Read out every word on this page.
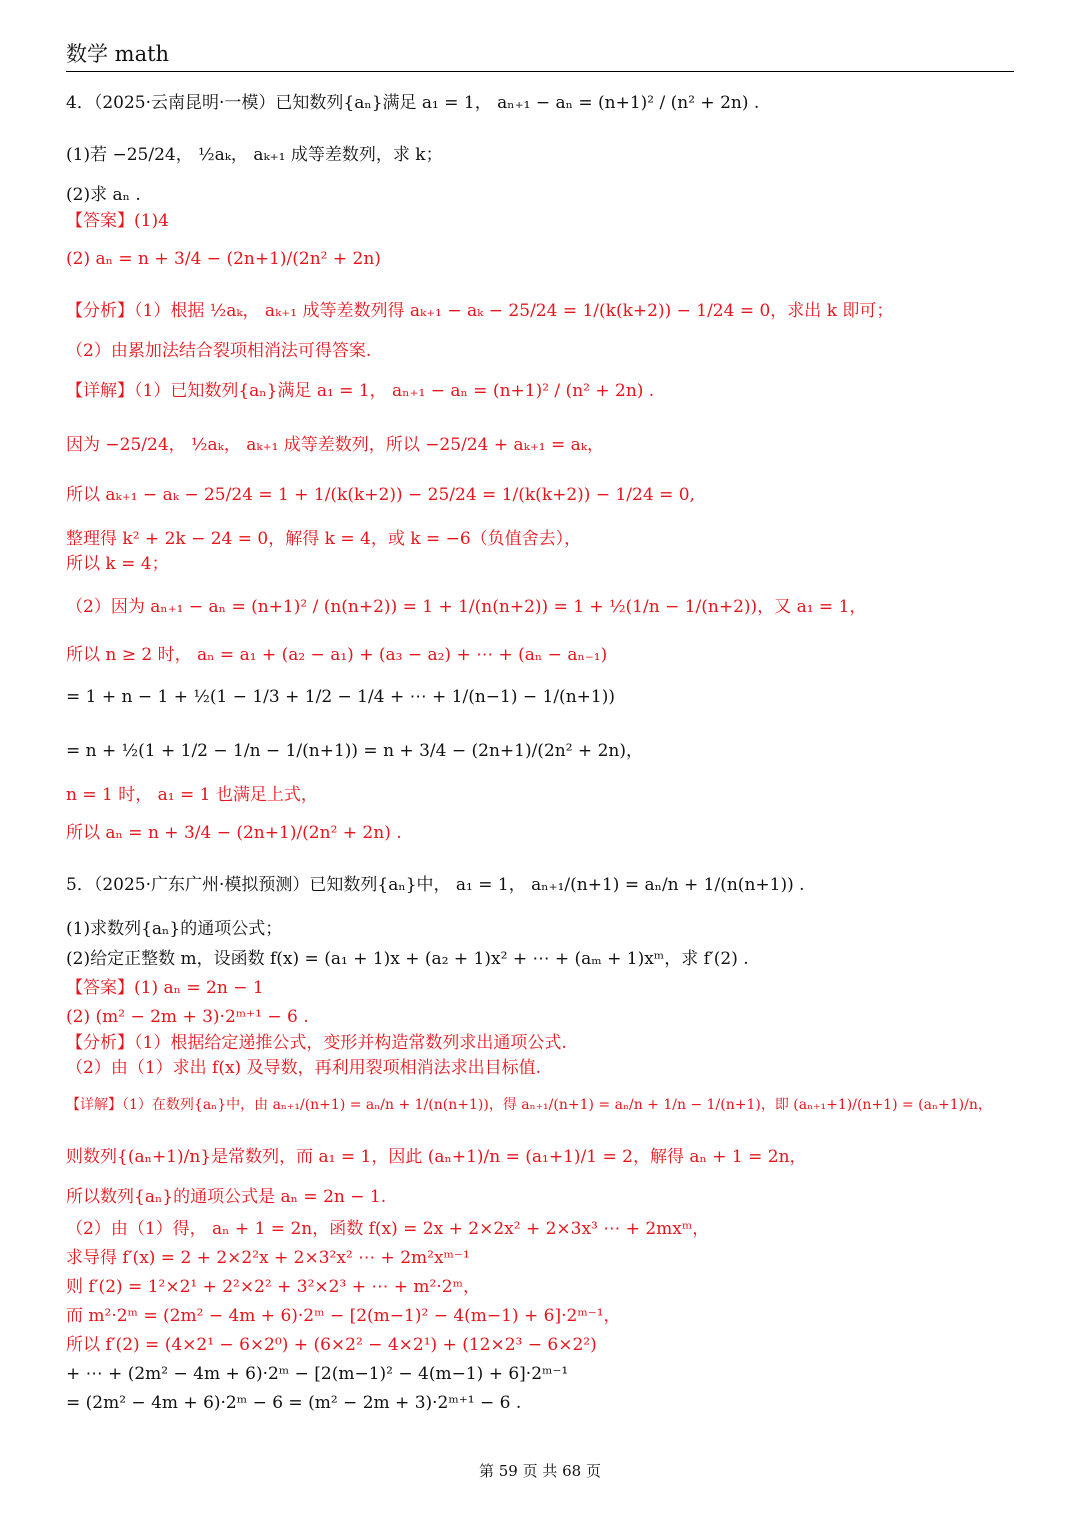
数学 math
4．（2025·云南昆明·一模）已知数列{aₙ}满足 a₁ = 1， aₙ₊₁ − aₙ = (n+1)² / (n² + 2n) .
(1)若 −25/24， ½aₖ， aₖ₊₁ 成等差数列，求 k；
(2)求 aₙ .
【答案】(1)4
(2) aₙ = n + 3/4 − (2n+1)/(2n² + 2n)
【分析】（1）根据 ½aₖ， aₖ₊₁ 成等差数列得 aₖ₊₁ − aₖ − 25/24 = 1/(k(k+2)) − 1/24 = 0，求出 k 即可；
（2）由累加法结合裂项相消法可得答案.
【详解】（1）已知数列{aₙ}满足 a₁ = 1， aₙ₊₁ − aₙ = (n+1)² / (n² + 2n) .
因为 −25/24， ½aₖ， aₖ₊₁ 成等差数列，所以 −25/24 + aₖ₊₁ = aₖ，
所以 aₖ₊₁ − aₖ − 25/24 = 1 + 1/(k(k+2)) − 25/24 = 1/(k(k+2)) − 1/24 = 0,
整理得 k² + 2k − 24 = 0，解得 k = 4，或 k = −6（负值舍去），
所以 k = 4；
（2）因为 aₙ₊₁ − aₙ = (n+1)² / (n(n+2)) = 1 + 1/(n(n+2)) = 1 + ½(1/n − 1/(n+2))，又 a₁ = 1，
所以 n ≥ 2 时， aₙ = a₁ + (a₂ − a₁) + (a₃ − a₂) + ⋯ + (aₙ − aₙ₋₁)
= 1 + n − 1 + ½(1 − 1/3 + 1/2 − 1/4 + ⋯ + 1/(n−1) − 1/(n+1))
= n + ½(1 + 1/2 − 1/n − 1/(n+1)) = n + 3/4 − (2n+1)/(2n² + 2n)，
n = 1 时， a₁ = 1 也满足上式，
所以 aₙ = n + 3/4 − (2n+1)/(2n² + 2n) .
5．（2025·广东广州·模拟预测）已知数列{aₙ}中， a₁ = 1， aₙ₊₁/(n+1) = aₙ/n + 1/(n(n+1)) .
(1)求数列{aₙ}的通项公式；
(2)给定正整数 m，设函数 f(x) = (a₁ + 1)x + (a₂ + 1)x² + ⋯ + (aₘ + 1)xᵐ，求 f′(2) .
【答案】(1) aₙ = 2n − 1
(2) (m² − 2m + 3)·2ᵐ⁺¹ − 6 .
【分析】（1）根据给定递推公式，变形并构造常数列求出通项公式.
（2）由（1）求出 f(x) 及导数，再利用裂项相消法求出目标值.
【详解】（1）在数列{aₙ}中，由 aₙ₊₁/(n+1) = aₙ/n + 1/(n(n+1))，得 aₙ₊₁/(n+1) = aₙ/n + 1/n − 1/(n+1)，即 (aₙ₊₁+1)/(n+1) = (aₙ+1)/n，
则数列{(aₙ+1)/n}是常数列，而 a₁ = 1，因此 (aₙ+1)/n = (a₁+1)/1 = 2，解得 aₙ + 1 = 2n，
所以数列{aₙ}的通项公式是 aₙ = 2n − 1.
（2）由（1）得， aₙ + 1 = 2n，函数 f(x) = 2x + 2×2x² + 2×3x³ ⋯ + 2mxᵐ，
求导得 f′(x) = 2 + 2×2²x + 2×3²x² ⋯ + 2m²xᵐ⁻¹
则 f′(2) = 1²×2¹ + 2²×2² + 3²×2³ + ⋯ + m²·2ᵐ，
而 m²·2ᵐ = (2m² − 4m + 6)·2ᵐ − [2(m−1)² − 4(m−1) + 6]·2ᵐ⁻¹，
所以 f′(2) = (4×2¹ − 6×2⁰) + (6×2² − 4×2¹) + (12×2³ − 6×2²)
+ ⋯ + (2m² − 4m + 6)·2ᵐ − [2(m−1)² − 4(m−1) + 6]·2ᵐ⁻¹
= (2m² − 4m + 6)·2ᵐ − 6 = (m² − 2m + 3)·2ᵐ⁺¹ − 6 .
第 59 页 共 68 页
